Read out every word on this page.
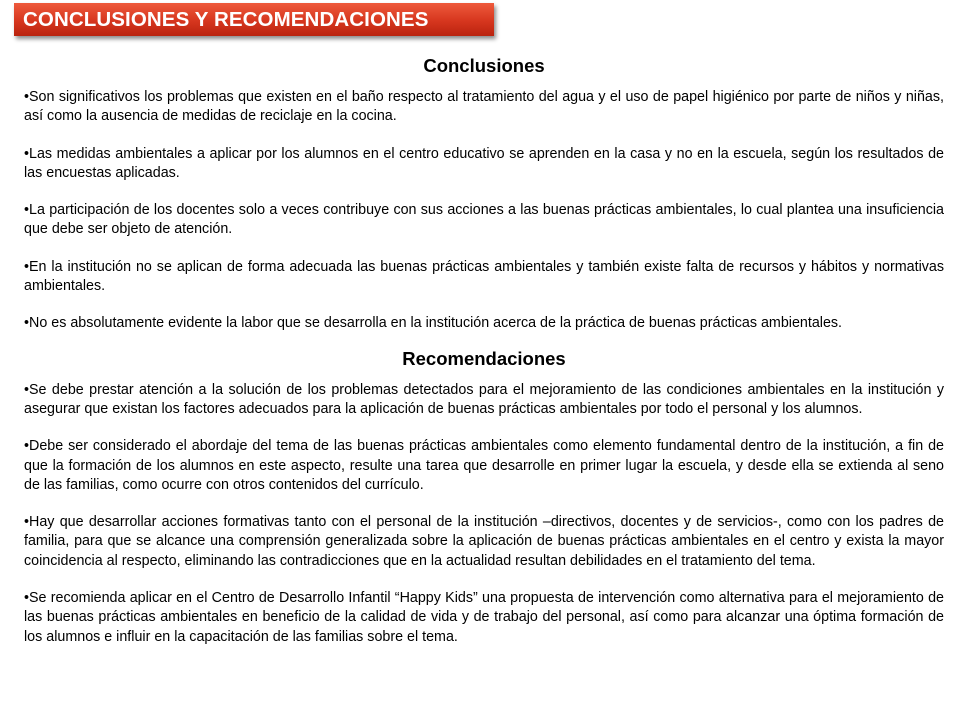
CONCLUSIONES Y RECOMENDACIONES
Conclusiones

•Son significativos los problemas que existen en el baño respecto al tratamiento del agua y el uso de papel higiénico por parte de niños y niñas, así como la ausencia de medidas de reciclaje en la cocina.

•Las medidas ambientales a aplicar por los alumnos en el centro educativo se aprenden en la casa y no en la escuela, según los resultados de las encuestas aplicadas.

•La participación de los docentes solo a veces contribuye con sus acciones a las buenas prácticas ambientales, lo cual plantea una insuficiencia que debe ser objeto de atención.

•En la institución no se aplican de forma adecuada las buenas prácticas ambientales y también existe falta de recursos y hábitos y normativas ambientales.

•No es absolutamente evidente la labor que se desarrolla en la institución acerca de la práctica de buenas prácticas ambientales.

Recomendaciones

•Se debe prestar atención a la solución de los problemas detectados para el mejoramiento de las condiciones ambientales en la institución y asegurar que existan los factores adecuados para la aplicación de buenas prácticas ambientales por todo el personal y los alumnos.

•Debe ser considerado el abordaje del tema de las buenas prácticas ambientales como elemento fundamental dentro de la institución, a fin de que la formación de los alumnos en este aspecto, resulte una tarea que desarrolle en primer lugar la escuela, y desde ella se extienda al seno de las familias, como ocurre con otros contenidos del currículo.

•Hay que desarrollar acciones formativas tanto con el personal de la institución –directivos, docentes y de servicios-, como con los padres de familia, para que se alcance una comprensión generalizada sobre la aplicación de buenas prácticas ambientales en el centro y exista la mayor coincidencia al respecto, eliminando las contradicciones que en la actualidad resultan debilidades en el tratamiento del tema.

•Se recomienda aplicar en el Centro de Desarrollo Infantil “Happy Kids” una propuesta de intervención como alternativa para el mejoramiento de las buenas prácticas ambientales en beneficio de la calidad de vida y de trabajo del personal, así como para alcanzar una óptima formación de los alumnos e influir en la capacitación de las familias sobre el tema.
